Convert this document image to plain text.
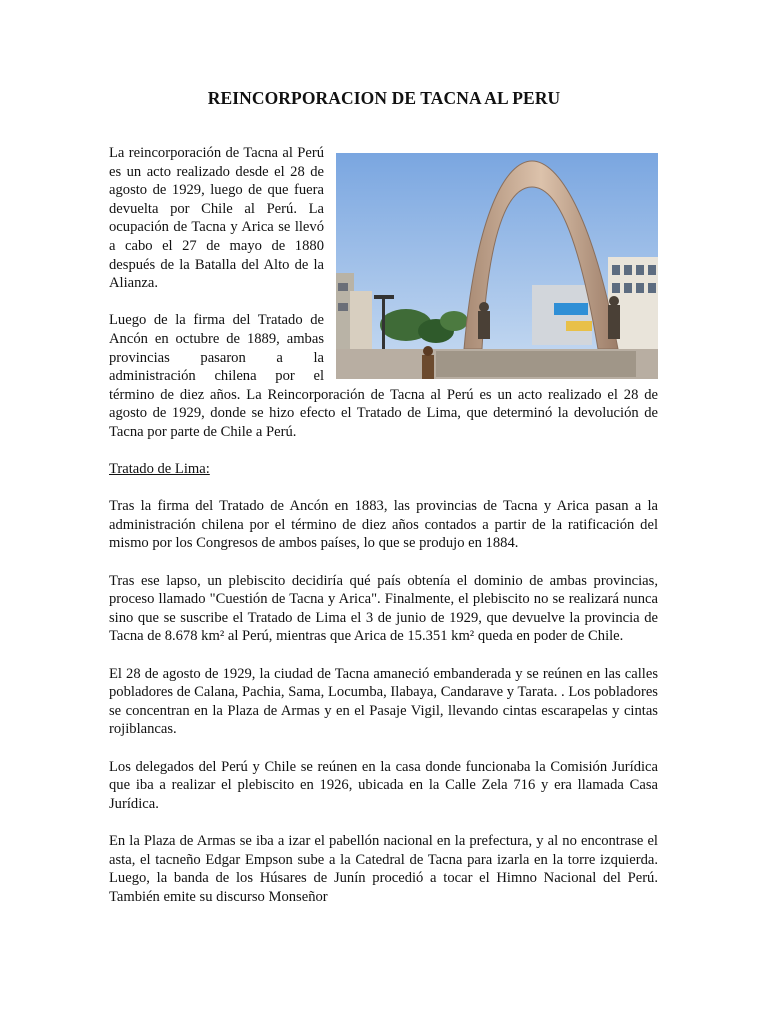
REINCORPORACION DE TACNA AL PERU

La reincorporación de Tacna al Perú es un acto realizado desde el 28 de agosto de 1929, luego de que fuera devuelta por Chile al Perú. La ocupación de Tacna y Arica se llevó a cabo el 27 de mayo de 1880 después de la Batalla del Alto de la Alianza.

Luego de la firma del Tratado de Ancón en octubre de 1889, ambas provincias pasaron a la administración chilena por el término de diez años. La Reincorporación de Tacna al Perú es un acto realizado el 28 de agosto de 1929, donde se hizo efecto el Tratado de Lima, que determinó la devolución de Tacna por parte de Chile a Perú.

Tratado de Lima:

Tras la firma del Tratado de Ancón en 1883, las provincias de Tacna y Arica pasan a la administración chilena por el término de diez años contados a partir de la ratificación del mismo por los Congresos de ambos países, lo que se produjo en 1884.

Tras ese lapso, un plebiscito decidiría qué país obtenía el dominio de ambas provincias, proceso llamado "Cuestión de Tacna y Arica". Finalmente, el plebiscito no se realizará nunca sino que se suscribe el Tratado de Lima el 3 de junio de 1929, que devuelve la provincia de Tacna de 8.678 km² al Perú, mientras que Arica de 15.351 km² queda en poder de Chile.

El 28 de agosto de 1929, la ciudad de Tacna amaneció embanderada y se reúnen en las calles pobladores de Calana, Pachia, Sama, Locumba, Ilabaya, Candarave y Tarata. . Los pobladores se concentran en la Plaza de Armas y en el Pasaje Vigil, llevando cintas escarapelas y cintas rojiblancas.

Los delegados del Perú y Chile se reúnen en la casa donde funcionaba la Comisión Jurídica que iba a realizar el plebiscito en 1926, ubicada en la Calle Zela 716 y era llamada Casa Jurídica.

En la Plaza de Armas se iba a izar el pabellón nacional en la prefectura, y al no encontrase el asta, el tacneño Edgar Empson sube a la Catedral de Tacna para izarla en la torre izquierda. Luego, la banda de los Húsares de Junín procedió a tocar el Himno Nacional del Perú. También emite su discurso Monseñor
